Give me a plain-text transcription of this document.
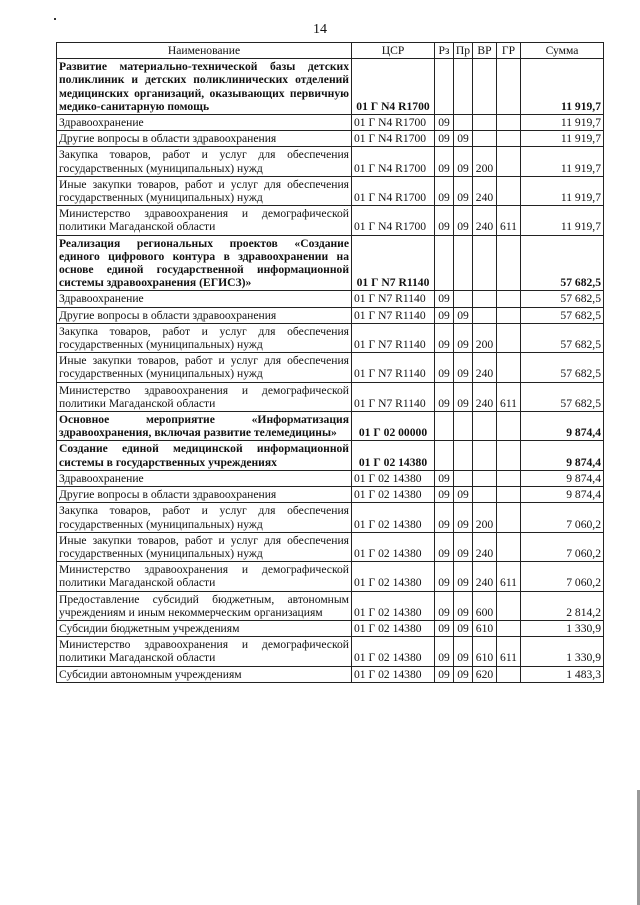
14
Наименование	ЦСР	Рз	Пр	ВР	ГР	Сумма
Развитие материально-технической базы детских поликлиник и детских поликлинических отделений медицинских организаций, оказывающих первичную медико-санитарную помощь	01 Г N4 R1700					11 919,7
Здравоохранение	01 Г N4 R1700	09				11 919,7
Другие вопросы в области здравоохранения	01 Г N4 R1700	09	09			11 919,7
Закупка товаров, работ и услуг для обеспечения государственных (муниципальных) нужд	01 Г N4 R1700	09	09	200		11 919,7
Иные закупки товаров, работ и услуг для обеспечения государственных (муниципальных) нужд	01 Г N4 R1700	09	09	240		11 919,7
Министерство здравоохранения и демографической политики Магаданской области	01 Г N4 R1700	09	09	240	611	11 919,7
Реализация региональных проектов «Создание единого цифрового контура в здравоохранении на основе единой государственной информационной системы здравоохранения (ЕГИСЗ)»	01 Г N7 R1140					57 682,5
Здравоохранение	01 Г N7 R1140	09				57 682,5
Другие вопросы в области здравоохранения	01 Г N7 R1140	09	09			57 682,5
Закупка товаров, работ и услуг для обеспечения государственных (муниципальных) нужд	01 Г N7 R1140	09	09	200		57 682,5
Иные закупки товаров, работ и услуг для обеспечения государственных (муниципальных) нужд	01 Г N7 R1140	09	09	240		57 682,5
Министерство здравоохранения и демографической политики Магаданской области	01 Г N7 R1140	09	09	240	611	57 682,5
Основное мероприятие «Информатизация здравоохранения, включая развитие телемедицины»	01 Г 02 00000					9 874,4
Создание единой медицинской информационной системы в государственных учреждениях	01 Г 02 14380					9 874,4
Здравоохранение	01 Г 02 14380	09				9 874,4
Другие вопросы в области здравоохранения	01 Г 02 14380	09	09			9 874,4
Закупка товаров, работ и услуг для обеспечения государственных (муниципальных) нужд	01 Г 02 14380	09	09	200		7 060,2
Иные закупки товаров, работ и услуг для обеспечения государственных (муниципальных) нужд	01 Г 02 14380	09	09	240		7 060,2
Министерство здравоохранения и демографической политики Магаданской области	01 Г 02 14380	09	09	240	611	7 060,2
Предоставление субсидий бюджетным, автономным учреждениям и иным некоммерческим организациям	01 Г 02 14380	09	09	600		2 814,2
Субсидии бюджетным учреждениям	01 Г 02 14380	09	09	610		1 330,9
Министерство здравоохранения и демографической политики Магаданской области	01 Г 02 14380	09	09	610	611	1 330,9
Субсидии автономным учреждениям	01 Г 02 14380	09	09	620		1 483,3
